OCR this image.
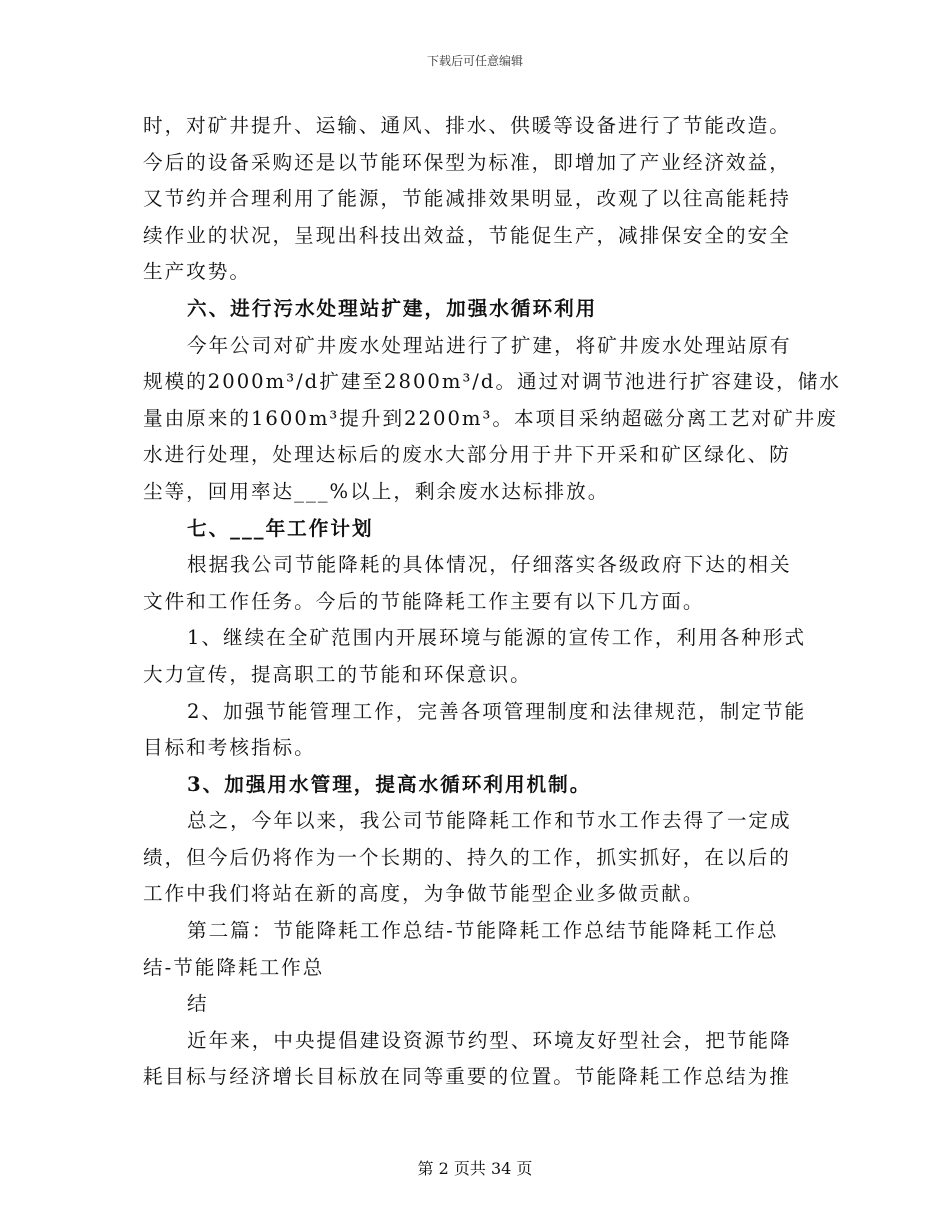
下载后可任意编辑
时，对矿井提升、运输、通风、排水、供暖等设备进行了节能改造。
今后的设备采购还是以节能环保型为标准，即增加了产业经济效益，
又节约并合理利用了能源，节能减排效果明显，改观了以往高能耗持
续作业的状况，呈现出科技出效益，节能促生产，减排保安全的安全
生产攻势。
六、进行污水处理站扩建，加强水循环利用
今年公司对矿井废水处理站进行了扩建，将矿井废水处理站原有
规模的2000m³/d扩建至2800m³/d。通过对调节池进行扩容建设，储水
量由原来的1600m³提升到2200m³。本项目采纳超磁分离工艺对矿井废
水进行处理，处理达标后的废水大部分用于井下开采和矿区绿化、防
尘等，回用率达___%以上，剩余废水达标排放。
七、___年工作计划
根据我公司节能降耗的具体情况，仔细落实各级政府下达的相关
文件和工作任务。今后的节能降耗工作主要有以下几方面。
1、继续在全矿范围内开展环境与能源的宣传工作，利用各种形式
大力宣传，提高职工的节能和环保意识。
2、加强节能管理工作，完善各项管理制度和法律规范，制定节能
目标和考核指标。
3、加强用水管理，提高水循环利用机制。
总之，今年以来，我公司节能降耗工作和节水工作去得了一定成
绩，但今后仍将作为一个长期的、持久的工作，抓实抓好，在以后的
工作中我们将站在新的高度，为争做节能型企业多做贡献。
第二篇：节能降耗工作总结-节能降耗工作总结节能降耗工作总
结-节能降耗工作总
结
近年来，中央提倡建设资源节约型、环境友好型社会，把节能降
耗目标与经济增长目标放在同等重要的位置。节能降耗工作总结为推
第 2 页共 34 页
